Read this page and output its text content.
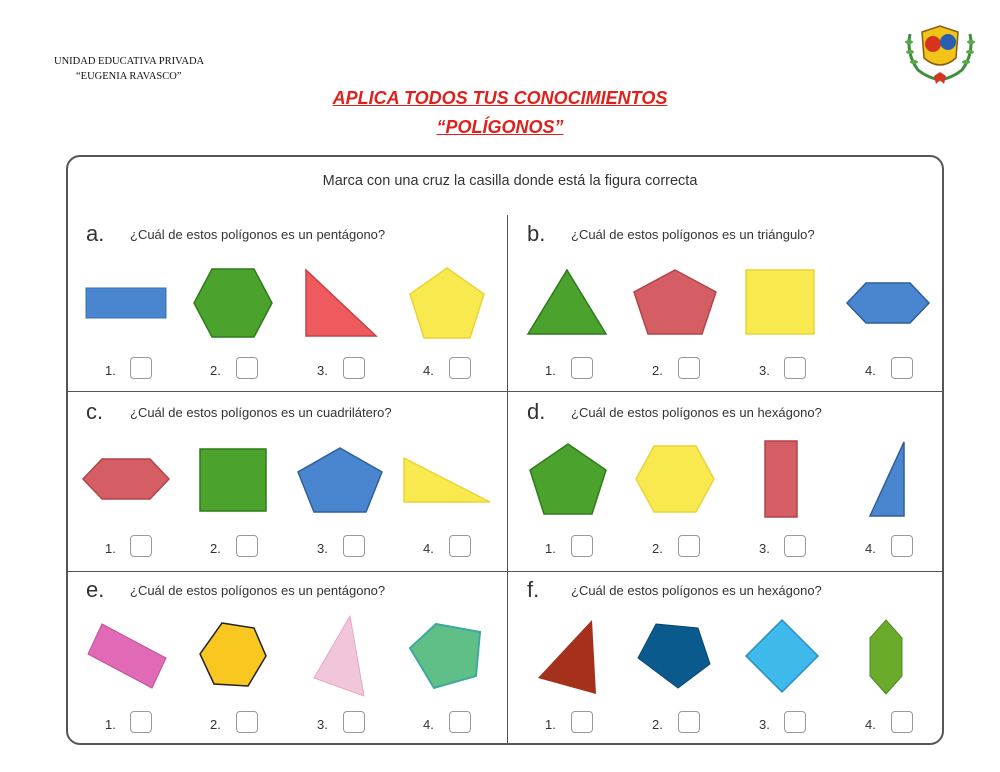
UNIDAD EDUCATIVA PRIVADA
“EUGENIA RAVASCO”
APLICA TODOS TUS CONOCIMIENTOS
“POLÍGONOS”
Marca con una cruz la casilla donde está la figura correcta
a. ¿Cuál de estos polígonos es un pentágono?
1.	2.	3.	4.
b. ¿Cuál de estos polígonos es un triángulo?
1.	2.	3.	4.
c. ¿Cuál de estos polígonos es un cuadrilátero?
1.	2.	3.	4.
d. ¿Cuál de estos polígonos es un hexágono?
1.	2.	3.	4.
e. ¿Cuál de estos polígonos es un pentágono?
1.	2.	3.	4.
f. ¿Cuál de estos polígonos es un hexágono?
1.	2.	3.	4.
